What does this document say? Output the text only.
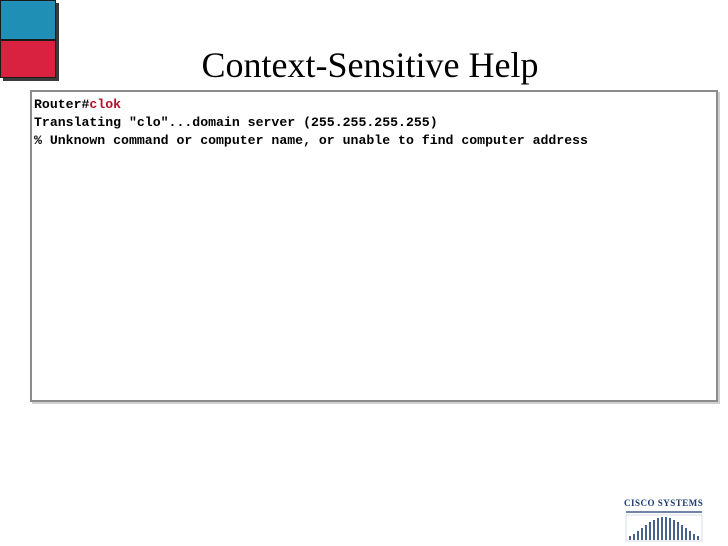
Context-Sensitive Help
Router#clok
Translating "clo"...domain server (255.255.255.255)
% Unknown command or computer name, or unable to find computer address
CISCO SYSTEMS
